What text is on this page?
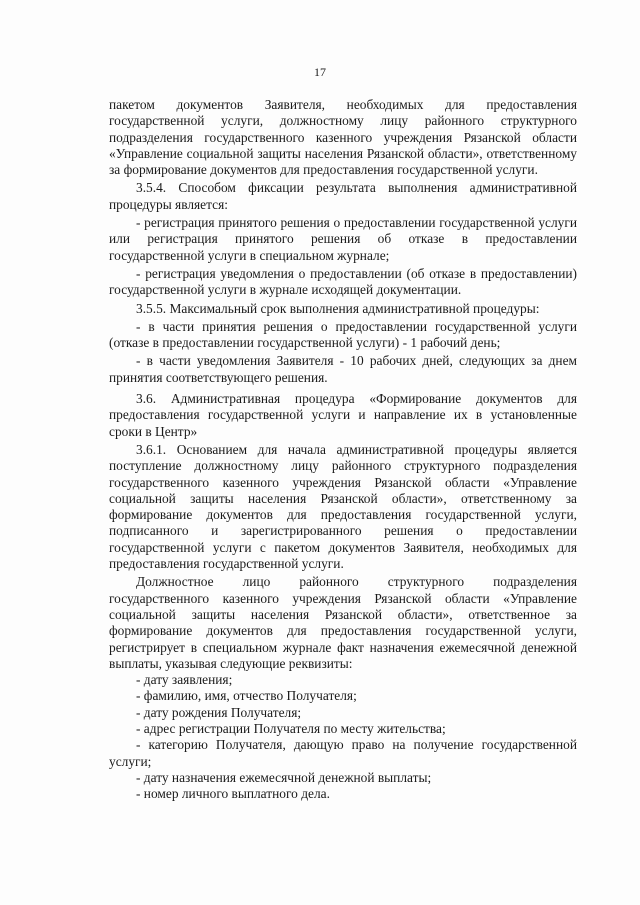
17

пакетом документов Заявителя, необходимых для предоставления государственной услуги, должностному лицу районного структурного подразделения государственного казенного учреждения Рязанской области «Управление социальной защиты населения Рязанской области», ответственному за формирование документов для предоставления государственной услуги.

3.5.4. Способом фиксации результата выполнения административной процедуры является:

- регистрация принятого решения о предоставлении государственной услуги или регистрация принятого решения об отказе в предоставлении государственной услуги в специальном журнале;

- регистрация уведомления о предоставлении (об отказе в предоставлении) государственной услуги в журнале исходящей документации.

3.5.5. Максимальный срок выполнения административной процедуры:

- в части принятия решения о предоставлении государственной услуги (отказе в предоставлении государственной услуги) - 1 рабочий день;

- в части уведомления Заявителя - 10 рабочих дней, следующих за днем принятия соответствующего решения.

3.6. Административная процедура «Формирование документов для предоставления государственной услуги и направление их в установленные сроки в Центр»

3.6.1. Основанием для начала административной процедуры является поступление должностному лицу районного структурного подразделения государственного казенного учреждения Рязанской области «Управление социальной защиты населения Рязанской области», ответственному за формирование документов для предоставления государственной услуги, подписанного и зарегистрированного решения о предоставлении государственной услуги с пакетом документов Заявителя, необходимых для предоставления государственной услуги.

Должностное лицо районного структурного подразделения государственного казенного учреждения Рязанской области «Управление социальной защиты населения Рязанской области», ответственное за формирование документов для предоставления государственной услуги, регистрирует в специальном журнале факт назначения ежемесячной денежной выплаты, указывая следующие реквизиты:

- дату заявления;

- фамилию, имя, отчество Получателя;

- дату рождения Получателя;

- адрес регистрации Получателя по месту жительства;

- категорию Получателя, дающую право на получение государственной услуги;

- дату назначения ежемесячной денежной выплаты;

- номер личного выплатного дела.
